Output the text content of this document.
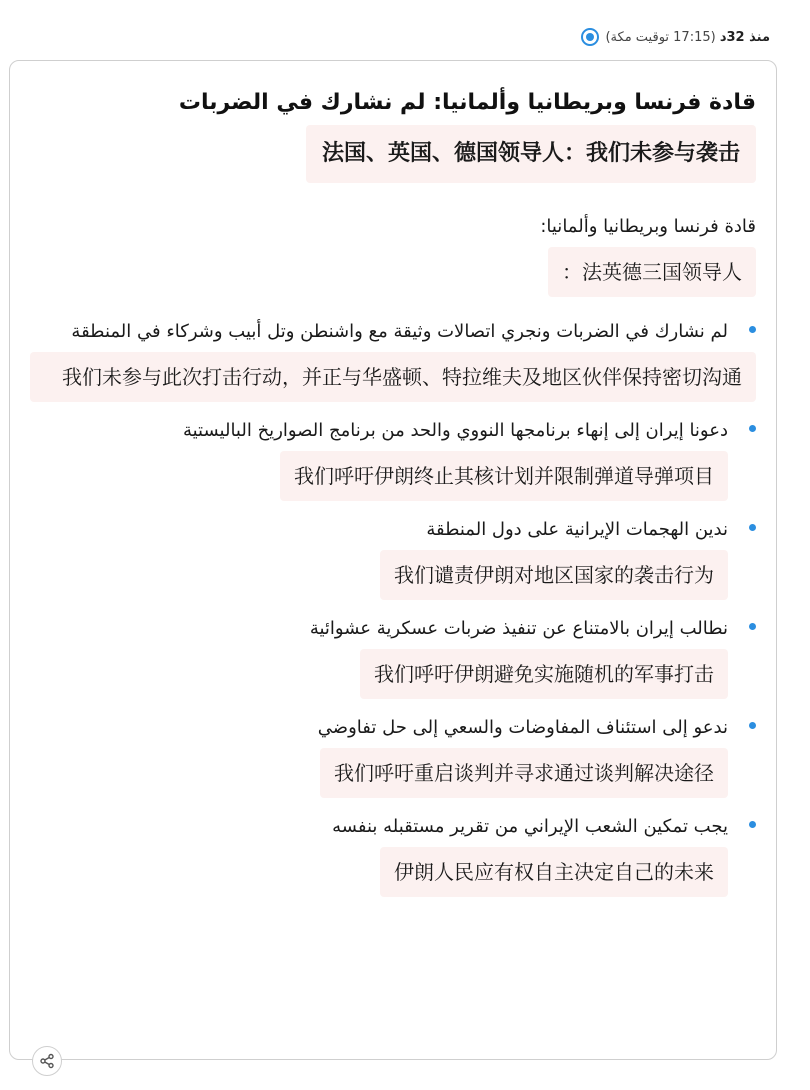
منذ 32د (17:15 توقيت مكة)
قادة فرنسا وبريطانيا وألمانيا: لم نشارك في الضربات
法国、英国、德国领导人：我们未参与袭击
قادة فرنسا وبريطانيا وألمانيا:
法英德三国领导人：
لم نشارك في الضربات ونجري اتصالات وثيقة مع واشنطن وتل أبيب وشركاء في المنطقة
我们未参与此次打击行动，并正与华盛顿、特拉维夫及地区伙伴保持密切沟通
دعونا إيران إلى إنهاء برنامجها النووي والحد من برنامج الصواريخ الباليستية
我们呼吁伊朗终止其核计划并限制弹道导弹项目
ندين الهجمات الإيرانية على دول المنطقة
我们谴责伊朗对地区国家的袭击行为
نطالب إيران بالامتناع عن تنفيذ ضربات عسكرية عشوائية
我们呼吁伊朗避免实施随机的军事打击
ندعو إلى استئناف المفاوضات والسعي إلى حل تفاوضي
我们呼吁重启谈判并寻求通过谈判解决途径
يجب تمكين الشعب الإيراني من تقرير مستقبله بنفسه
伊朗人民应有权自主决定自己的未来
